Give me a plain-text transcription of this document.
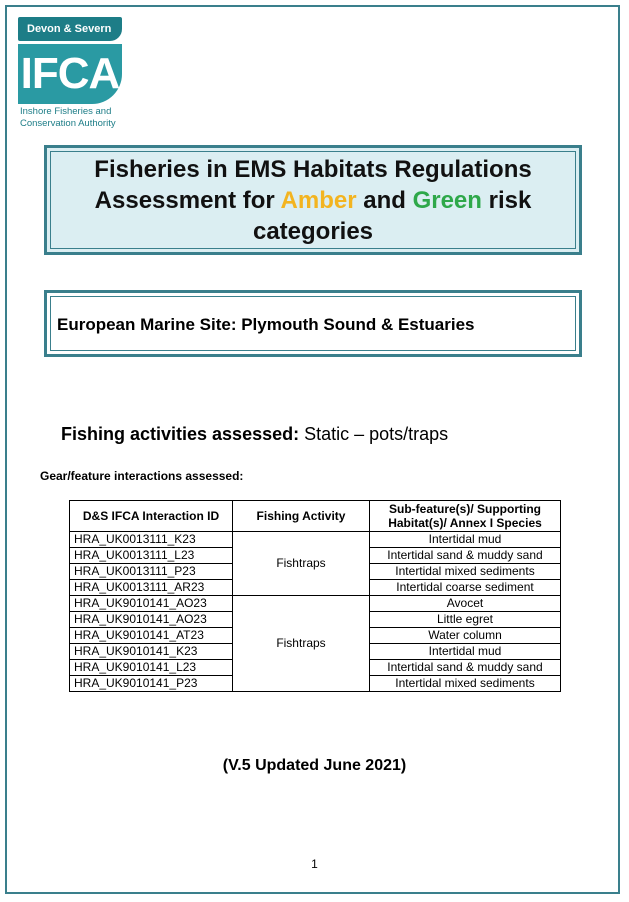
Devon & Severn
IFCA
Inshore Fisheries and
Conservation Authority
Fisheries in EMS Habitats Regulations Assessment for Amber and Green risk categories
European Marine Site: Plymouth Sound & Estuaries
Fishing activities assessed: Static – pots/traps
Gear/feature interactions assessed:
D&S IFCA Interaction ID	Fishing Activity	Sub-feature(s)/ Supporting Habitat(s)/ Annex I Species
HRA_UK0013111_K23	Fishtraps	Intertidal mud
HRA_UK0013111_L23		Intertidal sand & muddy sand
HRA_UK0013111_P23		Intertidal mixed sediments
HRA_UK0013111_AR23		Intertidal coarse sediment
HRA_UK9010141_AO23	Fishtraps	Avocet
HRA_UK9010141_AO23		Little egret
HRA_UK9010141_AT23		Water column
HRA_UK9010141_K23		Intertidal mud
HRA_UK9010141_L23		Intertidal sand & muddy sand
HRA_UK9010141_P23		Intertidal mixed sediments
(V.5 Updated June 2021)
1
